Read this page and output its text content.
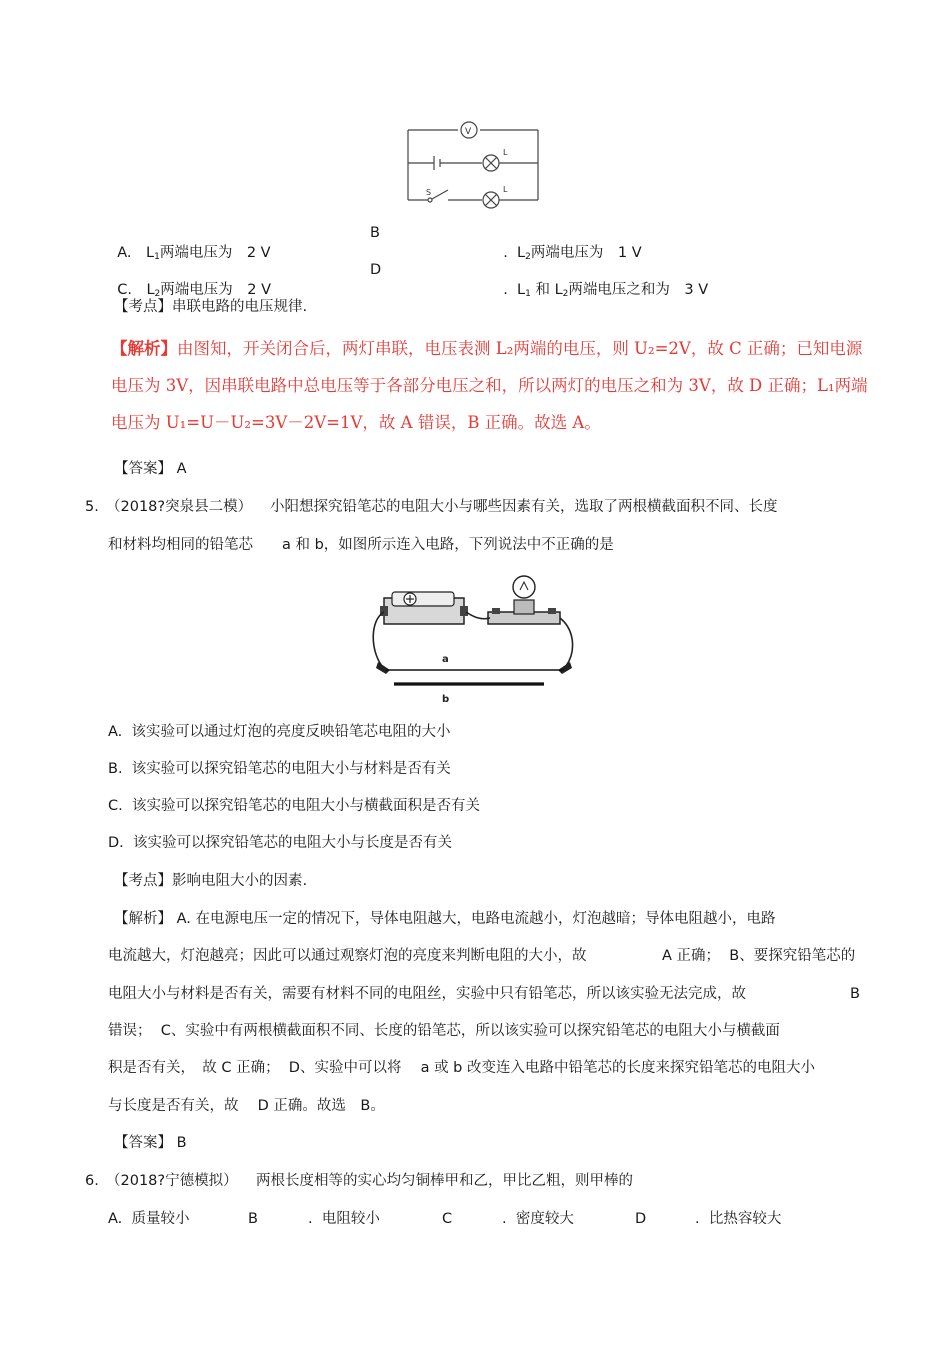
V
L
L
S

A.　 $L_1$两端电压为　2 V

B

. $L_2$两端电压为　1 V

C.　 $L_2$两端电压为　2 V

D

. $L_1$ 和 $L_2$两端电压之和为　3 V

【考点】串联电路的电压规律.
【解析】由图知，开关闭合后，两灯串联，电压表测 L₂两端的电压，则 U₂=2V，故 C 正确；已知电源
电压为 3V，因串联电路中总电压等于各部分电压之和，所以两灯的电压之和为 3V，故 D 正确；L₁两端
电压为 U₁=U－U₂=3V－2V=1V，故 A 错误，B 正确。故选 A。
【答案】 A
5. （2018?突泉县二模） 小阳想探究铅笔芯的电阻大小与哪些因素有关，选取了两根横截面积不同、长度
和材料均相同的铅笔芯　　a 和 b，如图所示连入电路，下列说法中不正确的是
a
b
A.  该实验可以通过灯泡的亮度反映铅笔芯电阻的大小
B.  该实验可以探究铅笔芯的电阻大小与材料是否有关
C.  该实验可以探究铅笔芯的电阻大小与横截面积是否有关
D.  该实验可以探究铅笔芯的电阻大小与长度是否有关
【考点】影响电阻大小的因素.
【解析】 A. 在电源电压一定的情况下，导体电阻越大，电路电流越小，灯泡越暗；导体电阻越小，电路
电流越大，灯泡越亮；因此可以通过观察灯泡的亮度来判断电阻的大小，故	A 正确；  B、要探究铅笔芯的
电阻大小与材料是否有关，需要有材料不同的电阻丝，实验中只有铅笔芯，所以该实验无法完成，故	B
错误；  C、实验中有两根横截面积不同、长度的铅笔芯，所以该实验可以探究铅笔芯的电阻大小与横截面
积是否有关，　故 C 正确；  D、实验中可以将　 a 或 b 改变连入电路中铅笔芯的长度来探究铅笔芯的电阻大小
与长度是否有关，故　 D 正确。故选　B。
【答案】 B
6. （2018?宁德模拟） 两根长度相等的实心均匀铜棒甲和乙，甲比乙粗，则甲棒的
A.  质量较小	B	.  电阻较小	C	.  密度较大	D	.  比热容较大
